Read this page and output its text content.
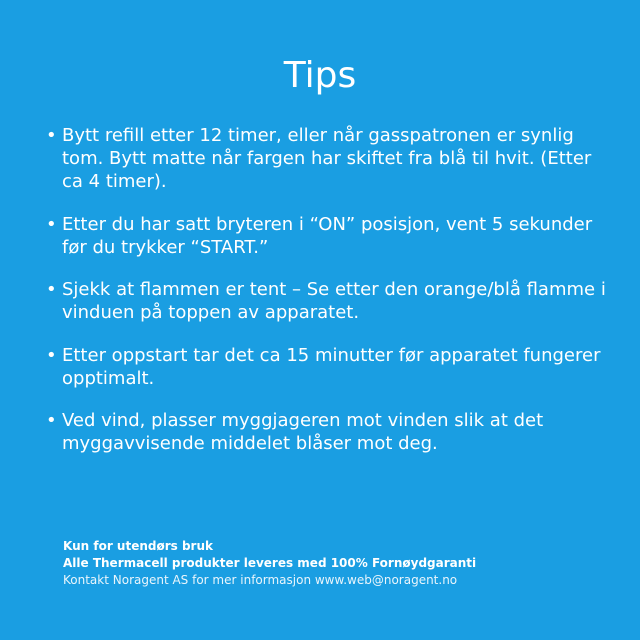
Tips
• Bytt refill etter 12 timer, eller når gasspatronen er synlig tom. Bytt matte når fargen har skiftet fra blå til hvit. (Etter ca 4 timer).
• Etter du har satt bryteren i “ON” posisjon, vent 5 sekunder før du trykker “START.”
• Sjekk at flammen er tent – Se etter den orange/blå flamme i vinduen på toppen av apparatet.
• Etter oppstart tar det ca 15 minutter før apparatet fungerer opptimalt.
• Ved vind, plasser myggjageren mot vinden slik at det myggavvisende middelet blåser mot deg.
Kun for utendørs bruk
Alle Thermacell produkter leveres med 100% Fornøydgaranti
Kontakt Noragent AS for mer informasjon www.web@noragent.no
